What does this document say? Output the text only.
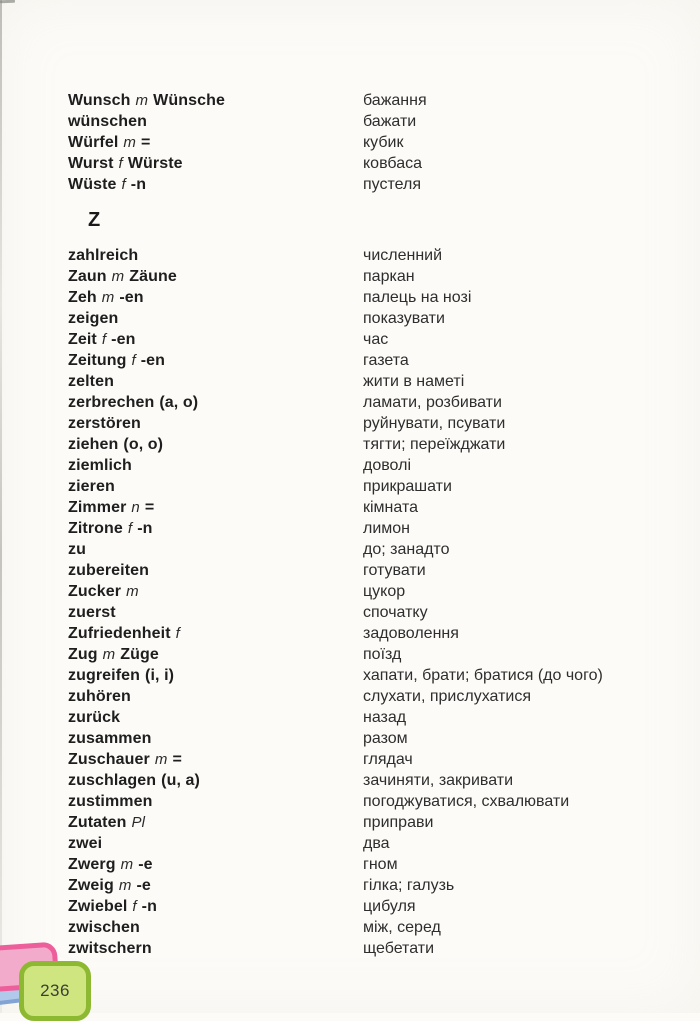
Wunsch m Wünsche	бажання
wünschen	бажати
Würfel m =	кубик
Wurst f Würste	ковбаса
Wüste f -n	пустеля
Z
zahlreich	численний
Zaun m Zäune	паркан
Zeh m -en	палець на нозі
zeigen	показувати
Zeit f -en	час
Zeitung f -en	газета
zelten	жити в наметі
zerbrechen (a, o)	ламати, розбивати
zerstören	руйнувати, псувати
ziehen (o, o)	тягти; переїжджати
ziemlich	доволі
zieren	прикрашати
Zimmer n =	кімната
Zitrone f -n	лимон
zu	до; занадто
zubereiten	готувати
Zucker m	цукор
zuerst	спочатку
Zufriedenheit f	задоволення
Zug m Züge	поїзд
zugreifen (i, i)	хапати, брати; братися (до чого)
zuhören	слухати, прислухатися
zurück	назад
zusammen	разом
Zuschauer m =	глядач
zuschlagen (u, a)	зачиняти, закривати
zustimmen	погоджуватися, схвалювати
Zutaten Pl	приправи
zwei	два
Zwerg m -e	гном
Zweig m -e	гілка; галузь
Zwiebel f -n	цибуля
zwischen	між, серед
zwitschern	щебетати
236
